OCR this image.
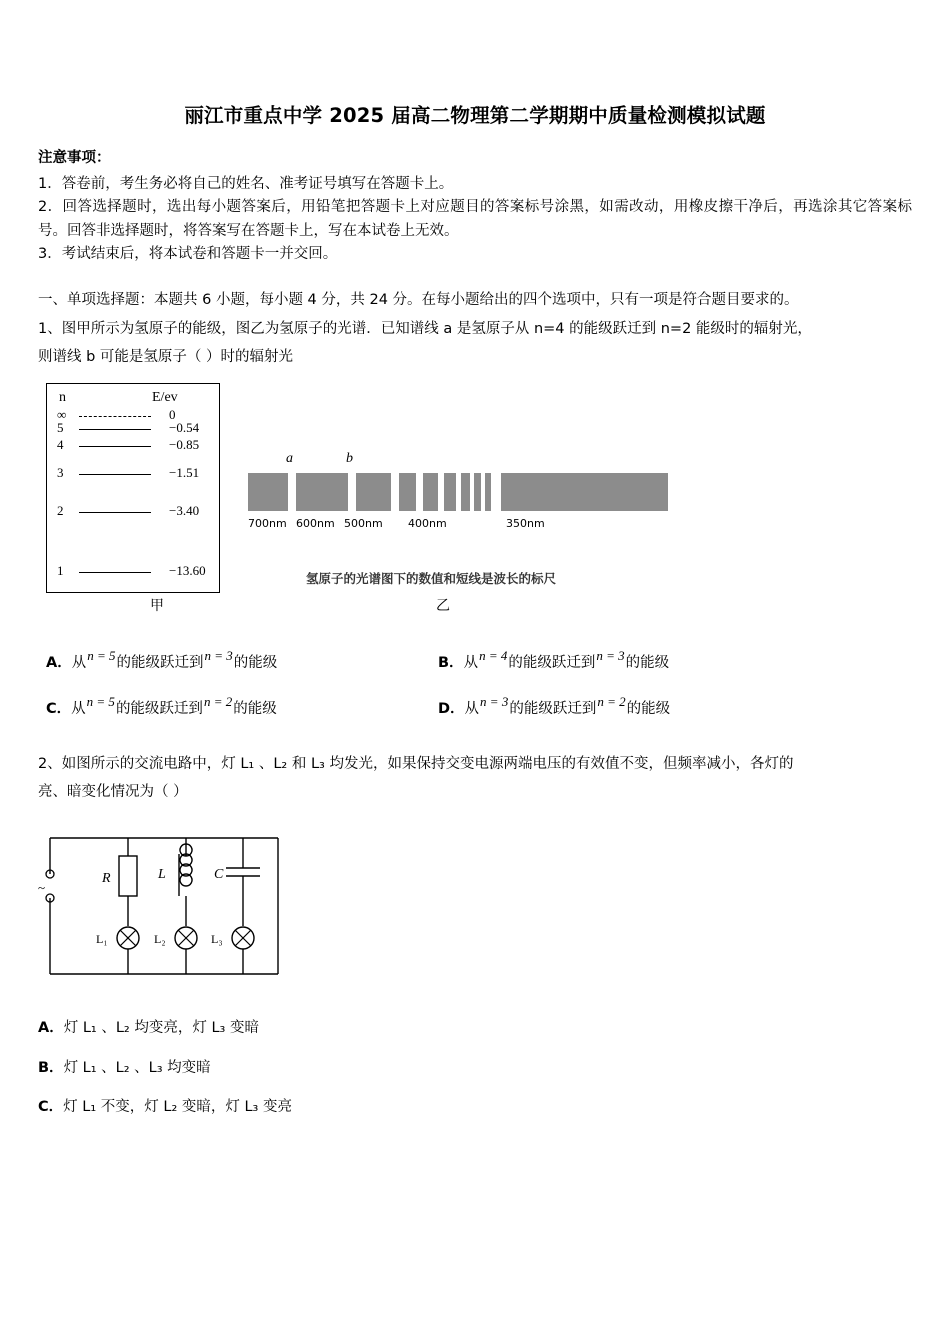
丽江市重点中学 2025 届高二物理第二学期期中质量检测模拟试题

注意事项：

1．答卷前，考生务必将自己的姓名、准考证号填写在答题卡上。

2．回答选择题时，选出每小题答案后，用铅笔把答题卡上对应题目的答案标号涂黑，如需改动，用橡皮擦干净后，再选涂其它答案标号。回答非选择题时，将答案写在答题卡上，写在本试卷上无效。

3．考试结束后，将本试卷和答题卡一并交回。

一、单项选择题：本题共 6 小题，每小题 4 分，共 24 分。在每小题给出的四个选项中，只有一项是符合题目要求的。

1、图甲所示为氢原子的能级，图乙为氢原子的光谱．已知谱线 a 是氢原子从 n=4 的能级跃迁到 n=2 能级时的辐射光，

则谱线 b 可能是氢原子（ ）时的辐射光

n	E/ev
∞	0
5	−0.54
4	−0.85
3	−1.51
2	−3.40
1	−13.60
a	b
700nm 600nm 500nm 400nm	350nm
氢原子的光谱图下的数值和短线是波长的标尺
甲	乙
A．从n = 5的能级跃迁到n = 3的能级	B．从n = 4的能级跃迁到n = 3的能级
C．从n = 5的能级跃迁到n = 2的能级	D．从n = 3的能级跃迁到n = 2的能级

2、如图所示的交流电路中，灯 L₁ 、L₂ 和 L₃ 均发光，如果保持交变电源两端电压的有效值不变，但频率减小，各灯的

亮、暗变化情况为（ ）

~
R	L	C
L₁	L₂	L₃

A．灯 L₁ 、L₂ 均变亮，灯 L₃ 变暗

B．灯 L₁ 、L₂ 、L₃ 均变暗

C．灯 L₁ 不变，灯 L₂ 变暗，灯 L₃ 变亮
